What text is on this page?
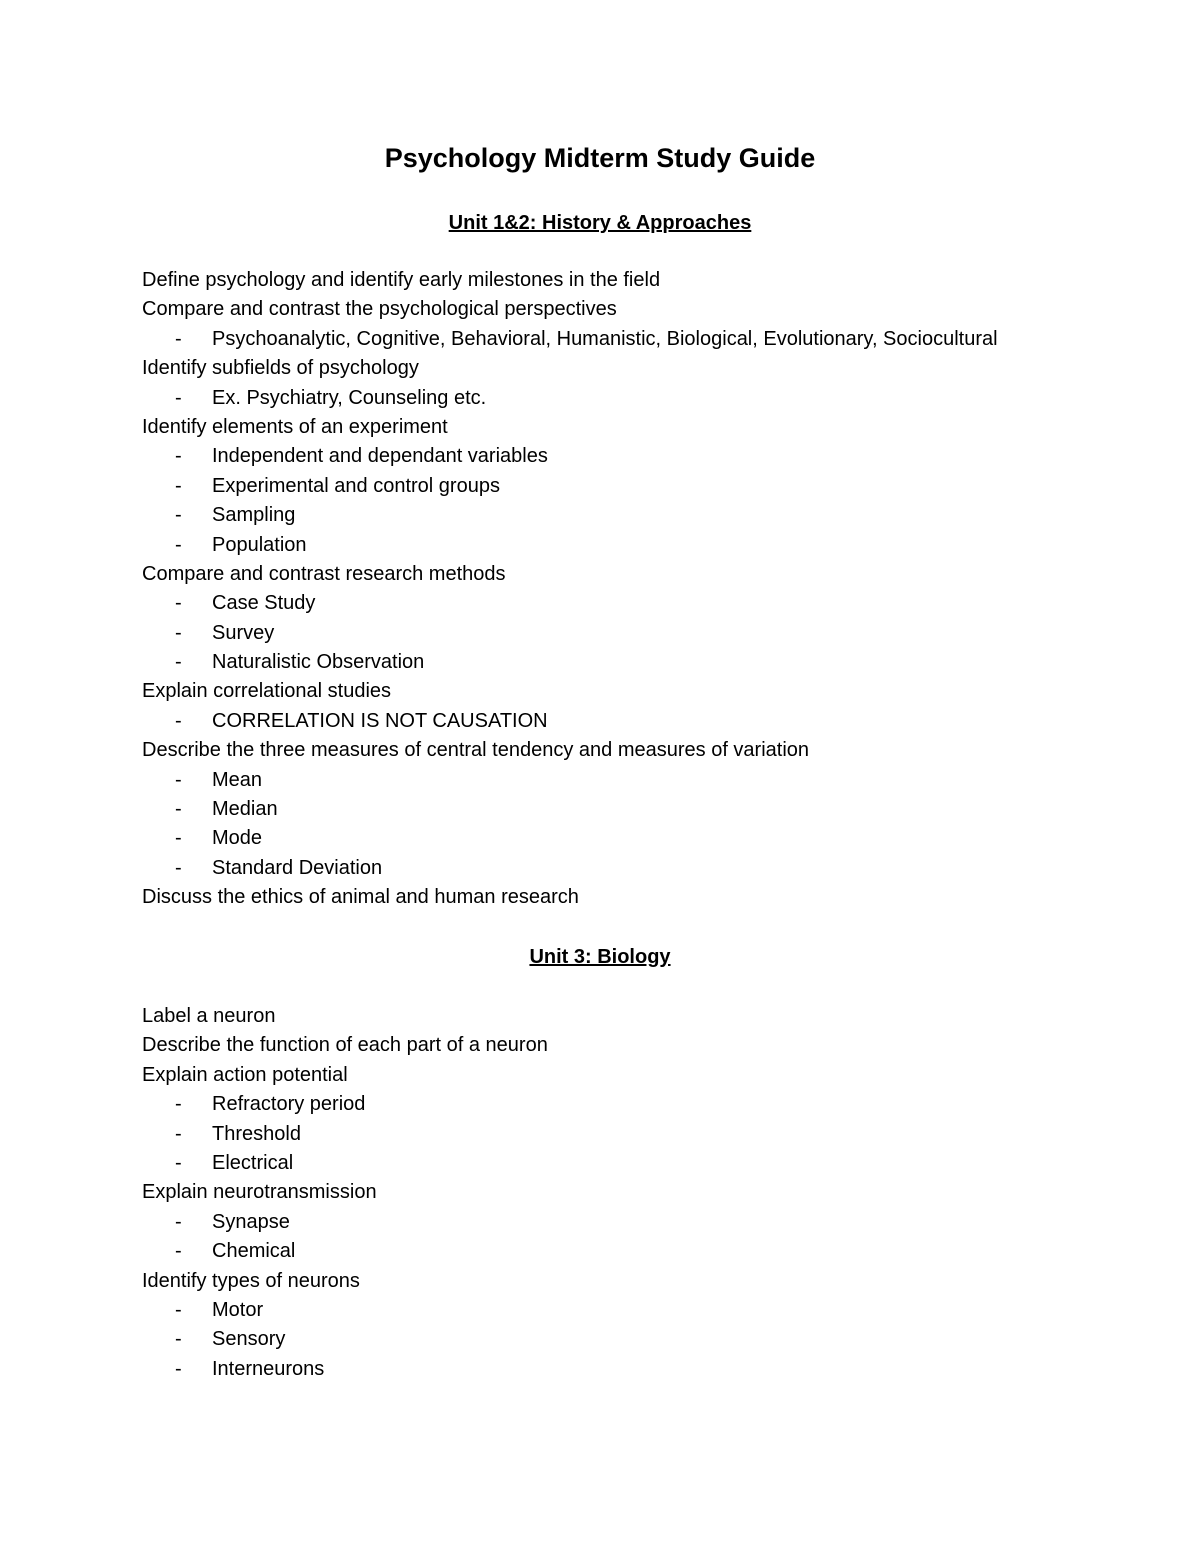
Psychology Midterm Study Guide
Unit 1&2: History & Approaches
Define psychology and identify early milestones in the field
Compare and contrast the psychological perspectives
- Psychoanalytic, Cognitive, Behavioral, Humanistic, Biological, Evolutionary, Sociocultural
Identify subfields of psychology
- Ex. Psychiatry, Counseling etc.
Identify elements of an experiment
- Independent and dependant variables
- Experimental and control groups
- Sampling
- Population
Compare and contrast research methods
- Case Study
- Survey
- Naturalistic Observation
Explain correlational studies
- CORRELATION IS NOT CAUSATION
Describe the three measures of central tendency and measures of variation
- Mean
- Median
- Mode
- Standard Deviation
Discuss the ethics of animal and human research
Unit 3: Biology
Label a neuron
Describe the function of each part of a neuron
Explain action potential
- Refractory period
- Threshold
- Electrical
Explain neurotransmission
- Synapse
- Chemical
Identify types of neurons
- Motor
- Sensory
- Interneurons
